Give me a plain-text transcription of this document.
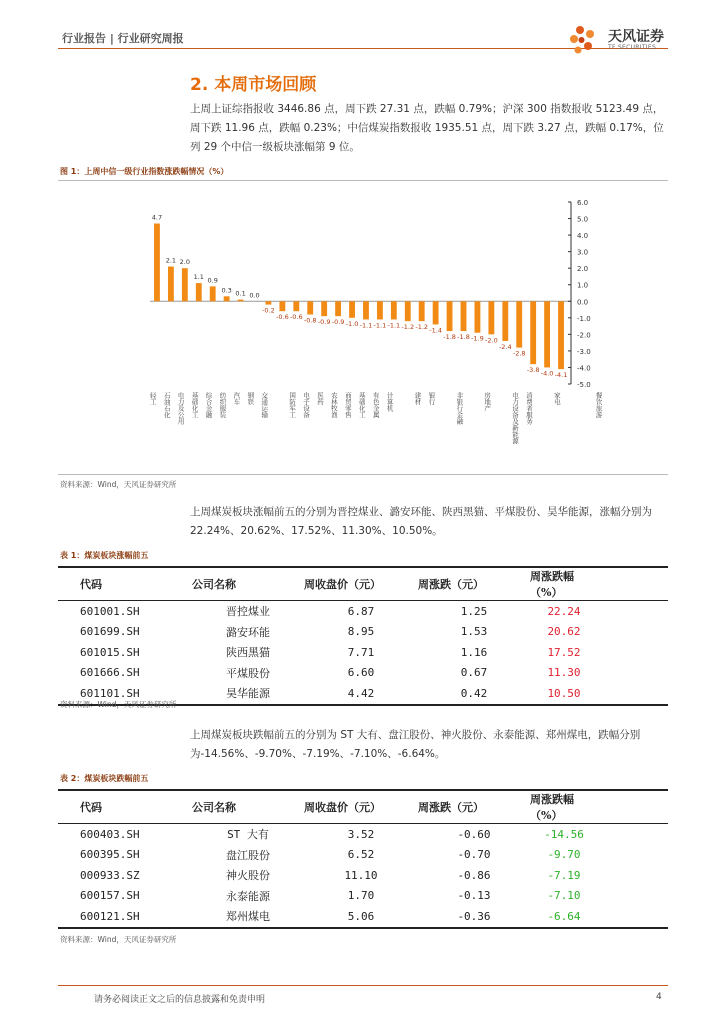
行业报告 | 行业研究周报	天风证券
TF SECURITIES
2. 本周市场回顾

上周上证综指报收 3446.86 点，周下跌 27.31 点，跌幅 0.79%；沪深 300 指数报收 5123.49 点，周下跌 11.96 点，跌幅 0.23%；中信煤炭指数报收 1935.51 点，周下跌 3.27 点，跌幅 0.17%，位列 29 个中信一级板块涨幅第 9 位。

图 1：上周中信一级行业指数涨跌幅情况（%）
6.0
5.0
4.0
3.0
2.0
1.0
0.0
-1.0
-2.0
-3.0
-4.0
-5.0
4.7
2.1 2.0
1.1 0.9
0.3 0.1 0.0
-0.2
-0.6 -0.6 -0.8 -0.9 -0.9 -1.0 -1.1 -1.1 -1.1 -1.2 -1.2 -1.4
-1.8 -1.8 -1.9 -2.0
-2.4
-2.8
-3.8 -4.0 -4.1
轻工 石油石化 电力及公用 基础化工 综合金融 纺织服装 汽车 钢铁 交通运输	国防军工 电子设备 医药 农林牧渔 商贸零售 基础化工 有色金属 计算机	建材 银行	非银行金融	房地产	电力设备及新能源 消费者服务	家电	餐饮旅游
资料来源：Wind，天风证券研究所

上周煤炭板块涨幅前五的分别为晋控煤业、潞安环能、陕西黑猫、平煤股份、昊华能源，涨幅分别为 22.24%、20.62%、17.52%、11.30%、10.50%。

表 1：煤炭板块涨幅前五
代码	公司名称	周收盘价（元）	周涨跌（元）	周涨跌幅（%）
601001.SH	晋控煤业	6.87	1.25	22.24
601699.SH	潞安环能	8.95	1.53	20.62
601015.SH	陕西黑猫	7.71	1.16	17.52
601666.SH	平煤股份	6.60	0.67	11.30
601101.SH	昊华能源	4.42	0.42	10.50
资料来源：Wind，天风证券研究所

上周煤炭板块跌幅前五的分别为 ST 大有、盘江股份、神火股份、永泰能源、郑州煤电，跌幅分别为-14.56%、-9.70%、-7.19%、-7.10%、-6.64%。

表 2：煤炭板块跌幅前五
代码	公司名称	周收盘价（元）	周涨跌（元）	周涨跌幅（%）
600403.SH	ST 大有	3.52	-0.60	-14.56
600395.SH	盘江股份	6.52	-0.70	-9.70
000933.SZ	神火股份	11.10	-0.86	-7.19
600157.SH	永泰能源	1.70	-0.13	-7.10
600121.SH	郑州煤电	5.06	-0.36	-6.64
资料来源：Wind，天风证券研究所
请务必阅读正文之后的信息披露和免责申明	4
